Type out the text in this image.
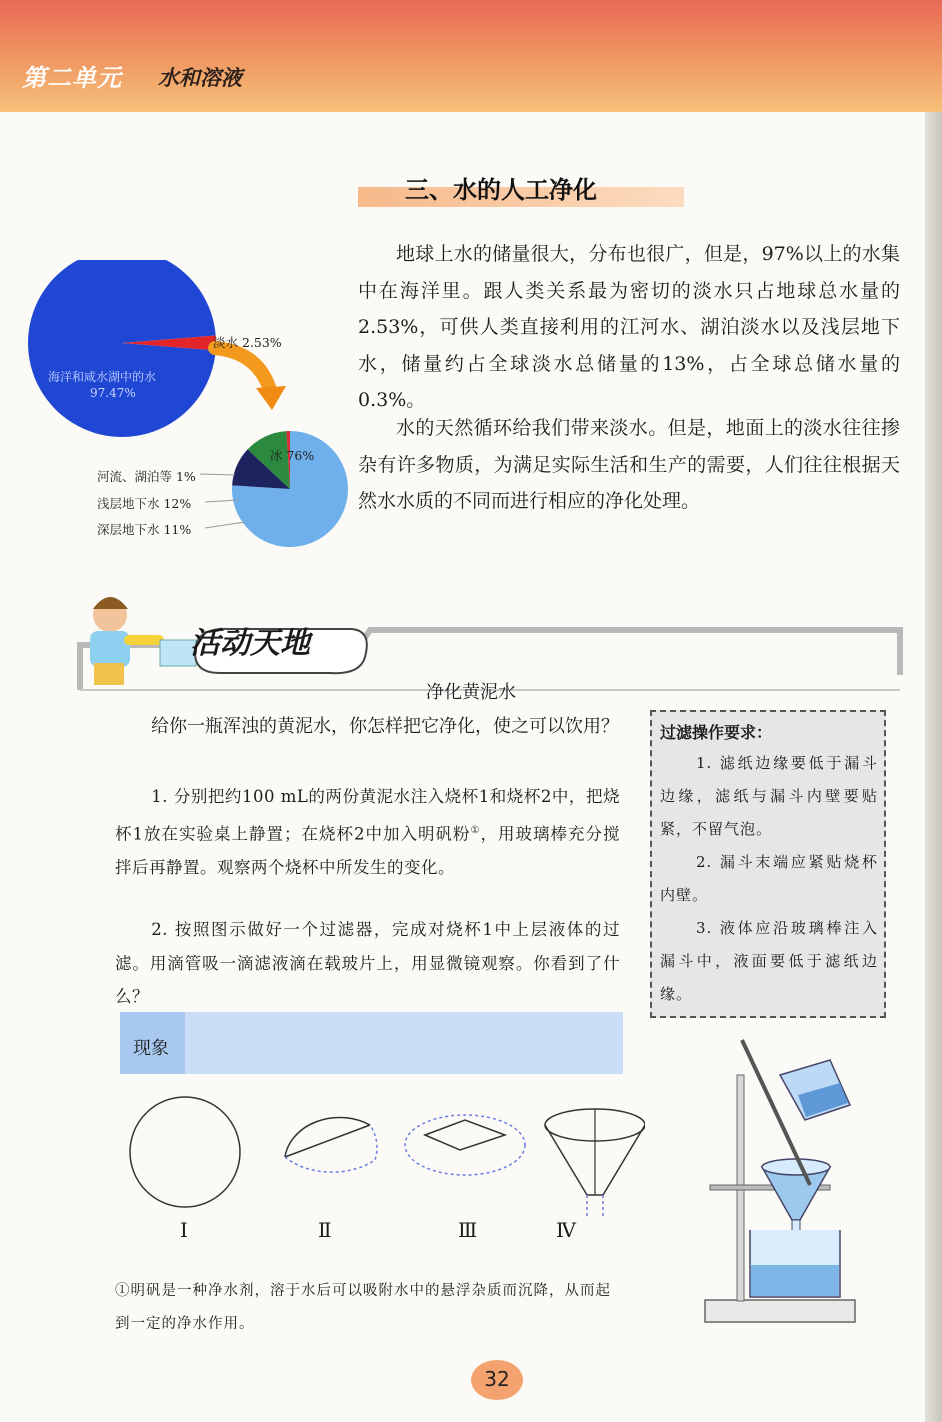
第二单元 水和溶液
三、水的人工净化
地球上水的储量很大，分布也很广，但是，97%以上的水集中在海洋里。跟人类关系最为密切的淡水只占地球总水量的2.53%，可供人类直接利用的江河水、湖泊淡水以及浅层地下水，储量约占全球淡水总储量的13%，占全球总储水量的0.3%。
水的天然循环给我们带来淡水。但是，地面上的淡水往往掺杂有许多物质，为满足实际生活和生产的需要，人们往往根据天然水水质的不同而进行相应的净化处理。
海洋和咸水湖中的水
97.47%
淡水 2.53%
冰 76%
河流、湖泊等 1%
浅层地下水 12%
深层地下水 11%
活动天地
净化黄泥水
给你一瓶浑浊的黄泥水，你怎样把它净化，使之可以饮用？
1. 分别把约100 mL的两份黄泥水注入烧杯1和烧杯2中，把烧杯1放在实验桌上静置；在烧杯2中加入明矾粉①，用玻璃棒充分搅拌后再静置。观察两个烧杯中所发生的变化。
2. 按照图示做好一个过滤器，完成对烧杯1中上层液体的过滤。用滴管吸一滴滤液滴在载玻片上，用显微镜观察。你看到了什么？
过滤操作要求：
1. 滤纸边缘要低于漏斗边缘，滤纸与漏斗内壁要贴紧，不留气泡。
2. 漏斗末端应紧贴烧杯内壁。
3. 液体应沿玻璃棒注入漏斗中，液面要低于滤纸边缘。
现象
Ⅰ	Ⅱ	Ⅲ	Ⅳ
①明矾是一种净水剂，溶于水后可以吸附水中的悬浮杂质而沉降，从而起到一定的净水作用。
32
